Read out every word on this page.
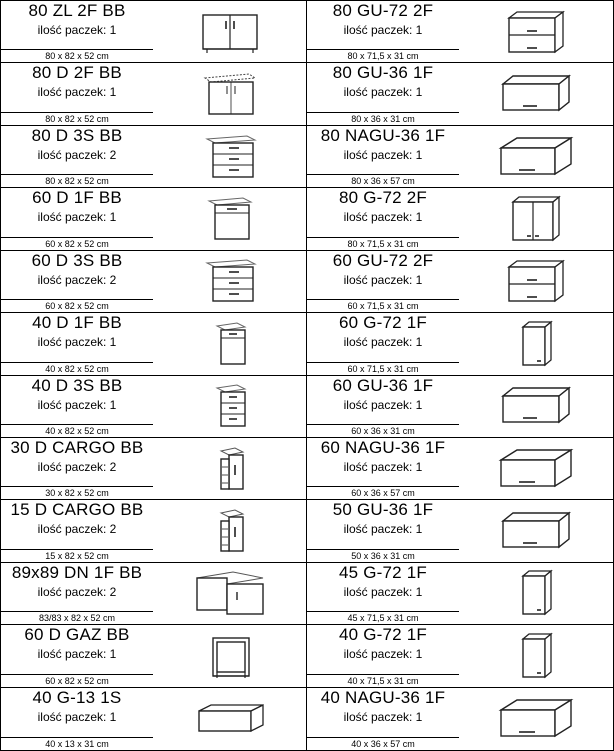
80 ZL 2F BB
ilość paczek: 1
80 x 82 x 52 cm
80 GU-72 2F
ilość paczek: 1
80 x 71,5 x 31 cm
80 D 2F BB
ilość paczek: 1
80 x 82 x 52 cm
80 GU-36 1F
ilość paczek: 1
80 x 36 x 31 cm
80 D 3S BB
ilość paczek: 2
80 x 82 x 52 cm
80 NAGU-36 1F
ilość paczek: 1
80 x 36 x 57 cm
60 D 1F BB
ilość paczek: 1
60 x 82 x 52 cm
80 G-72 2F
ilość paczek: 1
80 x 71,5 x 31 cm
60 D 3S BB
ilość paczek: 2
60 x 82 x 52 cm
60 GU-72 2F
ilość paczek: 1
60 x 71,5 x 31 cm
40 D 1F BB
ilość paczek: 1
40 x 82 x 52 cm
60 G-72 1F
ilość paczek: 1
60 x 71,5 x 31 cm
40 D 3S BB
ilość paczek: 1
40 x 82 x 52 cm
60 GU-36 1F
ilość paczek: 1
60 x 36 x 31 cm
30 D CARGO BB
ilość paczek: 2
30 x 82 x 52 cm
60 NAGU-36 1F
ilość paczek: 1
60 x 36 x 57 cm
15 D CARGO BB
ilość paczek: 2
15 x 82 x 52 cm
50 GU-36 1F
ilość paczek: 1
50 x 36 x 31 cm
89x89 DN 1F BB
ilość paczek: 2
83/83 x 82 x 52 cm
45 G-72 1F
ilość paczek: 1
45 x 71,5 x 31 cm
60 D GAZ BB
ilość paczek: 1
60 x 82 x 52 cm
40 G-72 1F
ilość paczek: 1
40 x 71,5 x 31 cm
40 G-13 1S
ilość paczek: 1
40 x 13 x 31 cm
40 NAGU-36 1F
ilość paczek: 1
40 x 36 x 57 cm
